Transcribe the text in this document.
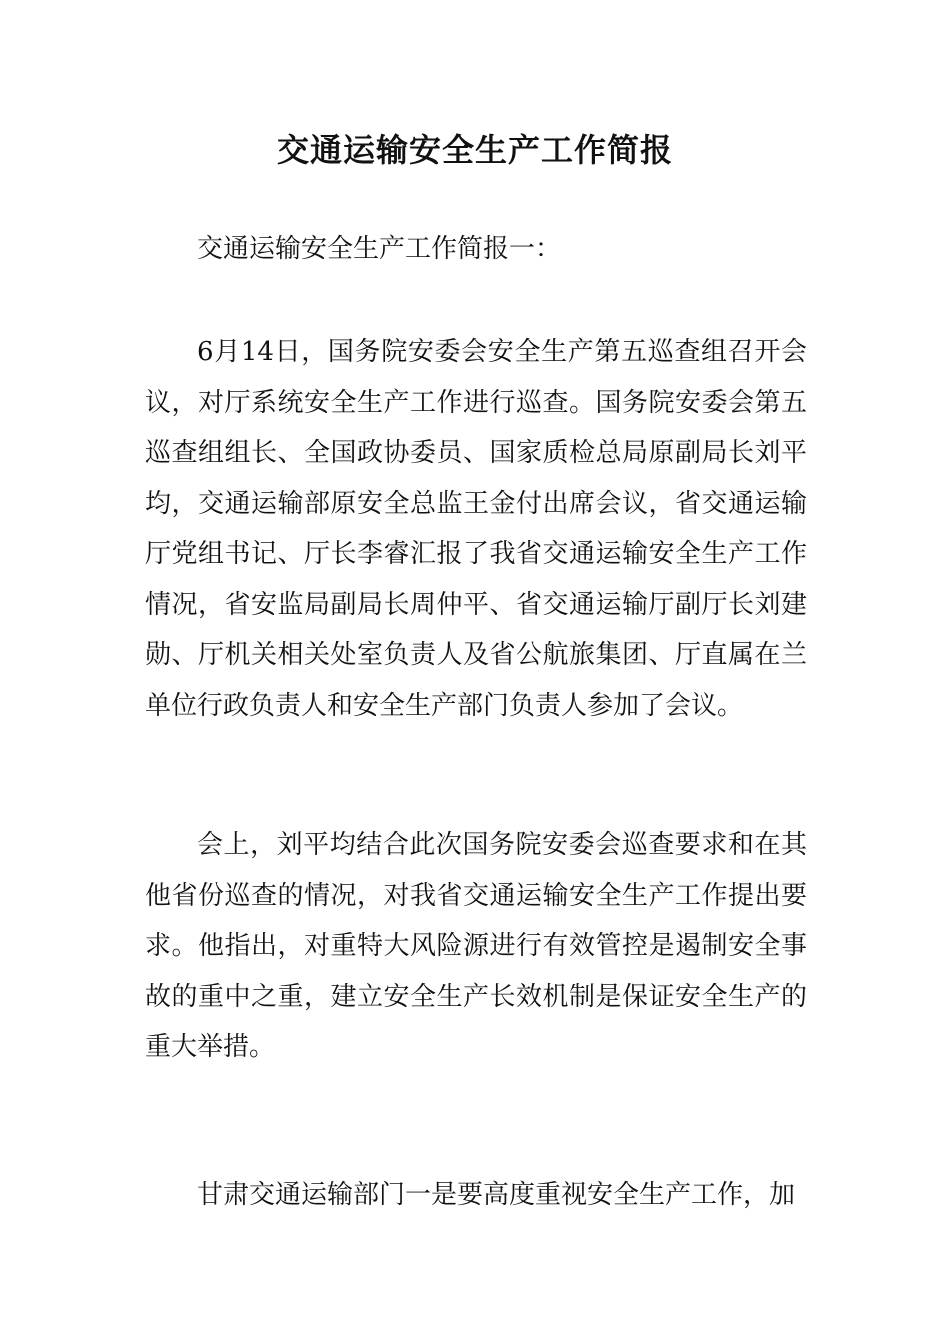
交通运输安全生产工作简报

交通运输安全生产工作简报一：

6月14日，国务院安委会安全生产第五巡查组召开会议，对厅系统安全生产工作进行巡查。国务院安委会第五巡查组组长、全国政协委员、国家质检总局原副局长刘平均，交通运输部原安全总监王金付出席会议，省交通运输厅党组书记、厅长李睿汇报了我省交通运输安全生产工作情况，省安监局副局长周仲平、省交通运输厅副厅长刘建勋、厅机关相关处室负责人及省公航旅集团、厅直属在兰单位行政负责人和安全生产部门负责人参加了会议。

会上，刘平均结合此次国务院安委会巡查要求和在其他省份巡查的情况，对我省交通运输安全生产工作提出要求。他指出，对重特大风险源进行有效管控是遏制安全事故的重中之重，建立安全生产长效机制是保证安全生产的重大举措。

甘肃交通运输部门一是要高度重视安全生产工作，加
